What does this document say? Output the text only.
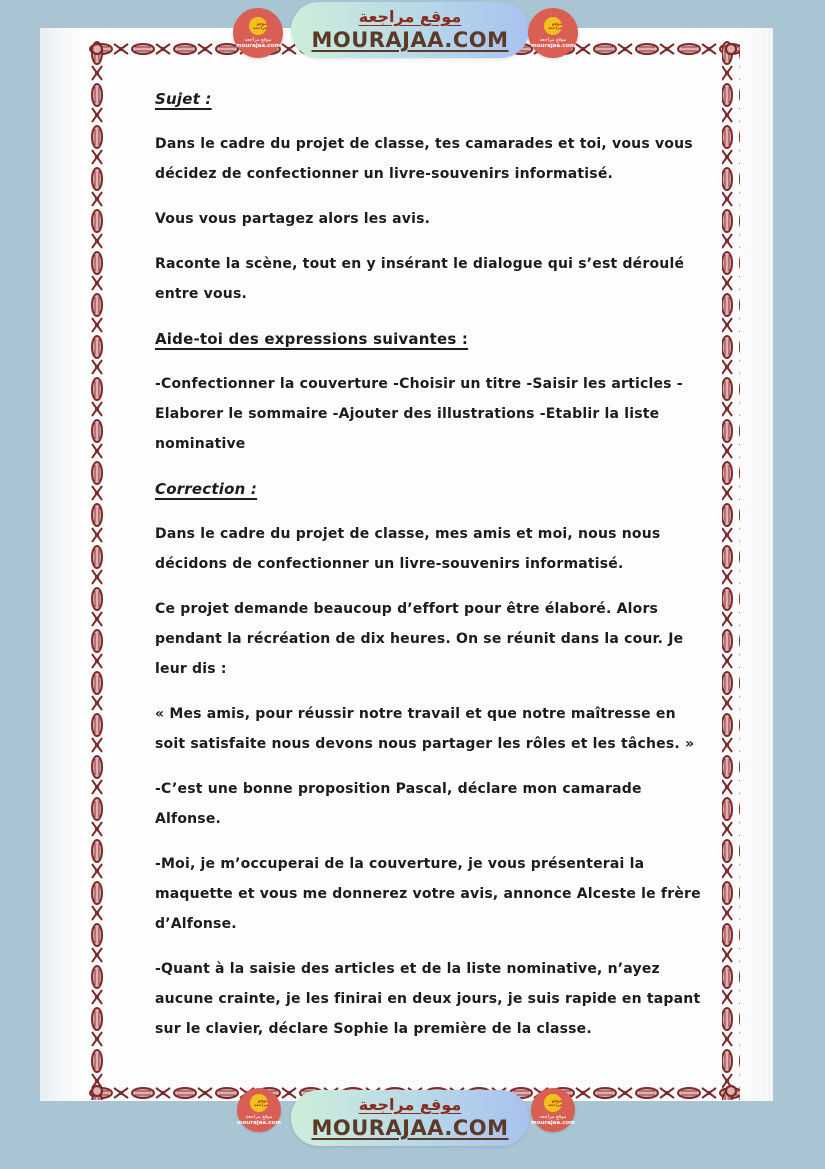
Sujet :

Dans le cadre du projet de classe, tes camarades et toi, vous vous décidez de confectionner un livre-souvenirs informatisé.

Vous vous partagez alors les avis.

Raconte la scène, tout en y insérant le dialogue qui s’est déroulé entre vous.

Aide-toi des expressions suivantes :

-Confectionner la couverture -Choisir un titre -Saisir les articles - Elaborer le sommaire -Ajouter des illustrations -Etablir la liste nominative

Correction :

Dans le cadre du projet de classe, mes amis et moi, nous nous décidons de confectionner un livre-souvenirs informatisé.

Ce projet demande beaucoup d’effort pour être élaboré. Alors pendant la récréation de dix heures. On se réunit dans la cour. Je leur dis :

« Mes amis, pour réussir notre travail et que notre maîtresse en soit satisfaite nous devons nous partager les rôles et les tâches. »

-C’est une bonne proposition Pascal, déclare mon camarade Alfonse.

-Moi, je m’occuperai de la couverture, je vous présenterai la maquette et vous me donnerez votre avis, annonce Alceste le frère d’Alfonse.

-Quant à la saisie des articles et de la liste nominative, n’ayez aucune crainte, je les finirai en deux jours, je suis rapide en tapant sur le clavier, déclare Sophie la première de la classe.

موقع مراجعة
موقع مراجعة
mourajaa.com
موقع مراجعة
MOURAJAA.COM
موقع مراجعة
موقع مراجعة
mourajaa.com
موقع مراجعة
موقع مراجعة
mourajaa.com
موقع مراجعة
MOURAJAA.COM
موقع مراجعة
موقع مراجعة
mourajaa.com
